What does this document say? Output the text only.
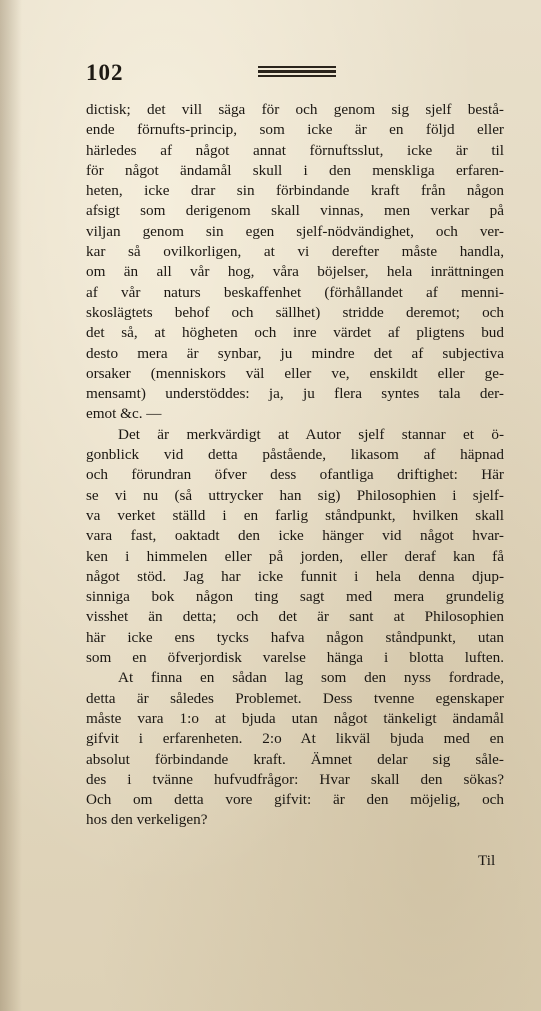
102
dictisk; det vill säga för och genom sig sjelf bestå-
ende förnufts-princip, som icke är en följd eller
härledes af något annat förnuftsslut, icke är til
för något ändamål skull i den menskliga erfaren-
heten, icke drar sin förbindande kraft från någon
afsigt som derigenom skall vinnas, men verkar på
viljan genom sin egen sjelf-nödvändighet, och ver-
kar så ovilkorligen, at vi derefter måste handla,
om än all vår hog, våra böjelser, hela inrättningen
af vår naturs beskaffenhet (förhållandet af menni-
skoslägtets behof och sällhet) stridde deremot; och
det så, at högheten och inre värdet af pligtens bud
desto mera är synbar, ju mindre det af subjectiva
orsaker (menniskors väl eller ve, enskildt eller ge-
mensamt) understöddes: ja, ju flera syntes tala der-
emot &c. —
Det är merkvärdigt at Autor sjelf stannar et ö-
gonblick vid detta påstående, likasom af häpnad
och förundran öfver dess ofantliga driftighet: Här
se vi nu (så uttrycker han sig) Philosophien i sjelf-
va verket ställd i en farlig ståndpunkt, hvilken skall
vara fast, oaktadt den icke hänger vid något hvar-
ken i himmelen eller på jorden, eller deraf kan få
något stöd. Jag har icke funnit i hela denna djup-
sinniga bok någon ting sagt med mera grundelig
visshet än detta; och det är sant at Philosophien
här icke ens tycks hafva någon ståndpunkt, utan
som en öfverjordisk varelse hänga i blotta luften.
At finna en sådan lag som den nyss fordrade,
detta är således Problemet. Dess tvenne egenskaper
måste vara 1:o at bjuda utan något tänkeligt ändamål
gifvit i erfarenheten. 2:o At likväl bjuda med en
absolut förbindande kraft. Ämnet delar sig såle-
des i tvänne hufvudfrågor: Hvar skall den sökas?
Och om detta vore gifvit: är den möjelig, och
hos den verkeligen?
Til
